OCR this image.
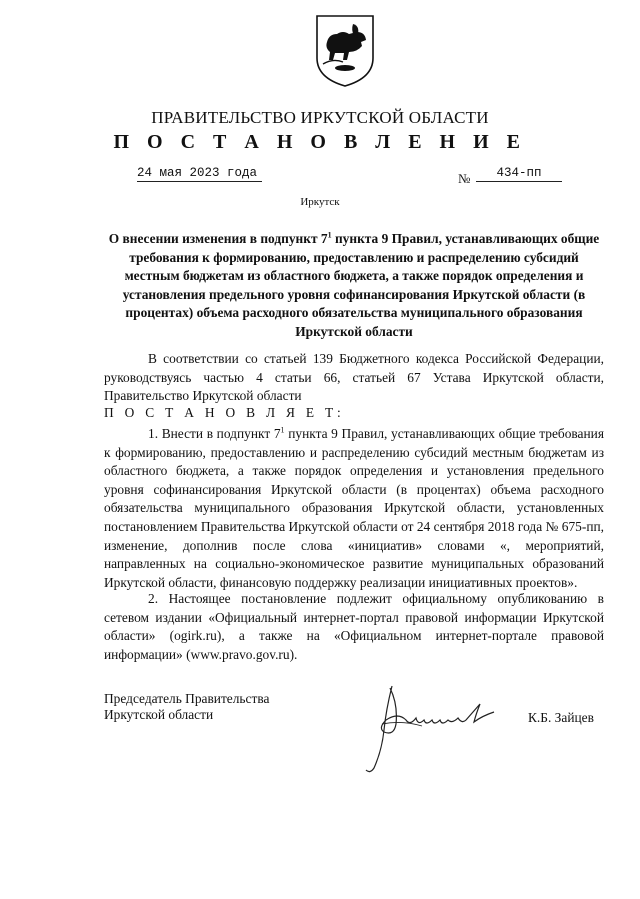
ПРАВИТЕЛЬСТВО ИРКУТСКОЙ ОБЛАСТИ
П О С Т А Н О В Л Е Н И Е
24 мая 2023 года	№	434-пп
Иркутск
О внесении изменения в подпункт $7^1$ пункта 9 Правил, устанавливающих общие требования к формированию, предоставлению и распределению субсидий местным бюджетам из областного бюджета, а также порядок определения и установления предельного уровня софинансирования Иркутской области (в процентах) объема расходного обязательства муниципального образования Иркутской области
В соответствии со статьей 139 Бюджетного кодекса Российской Федерации, руководствуясь частью 4 статьи 66, статьей 67 Устава Иркутской области, Правительство Иркутской области
П О С Т А Н О В Л Я Е Т:
1. Внести в подпункт $7^1$ пункта 9 Правил, устанавливающих общие требования к формированию, предоставлению и распределению субсидий местным бюджетам из областного бюджета, а также порядок определения и установления предельного уровня софинансирования Иркутской области (в процентах) объема расходного обязательства муниципального образования Иркутской области, установленных постановлением Правительства Иркутской области от 24 сентября 2018 года № 675-пп, изменение, дополнив после слова «инициатив» словами «, мероприятий, направленных на социально-экономическое развитие муниципальных образований Иркутской области, финансовую поддержку реализации инициативных проектов».
2. Настоящее постановление подлежит официальному опубликованию в сетевом издании «Официальный интернет-портал правовой информации Иркутской области» (ogirk.ru), а также на «Официальном интернет-портале правовой информации» (www.pravo.gov.ru).
Председатель Правительства
Иркутской области	К.Б. Зайцев
